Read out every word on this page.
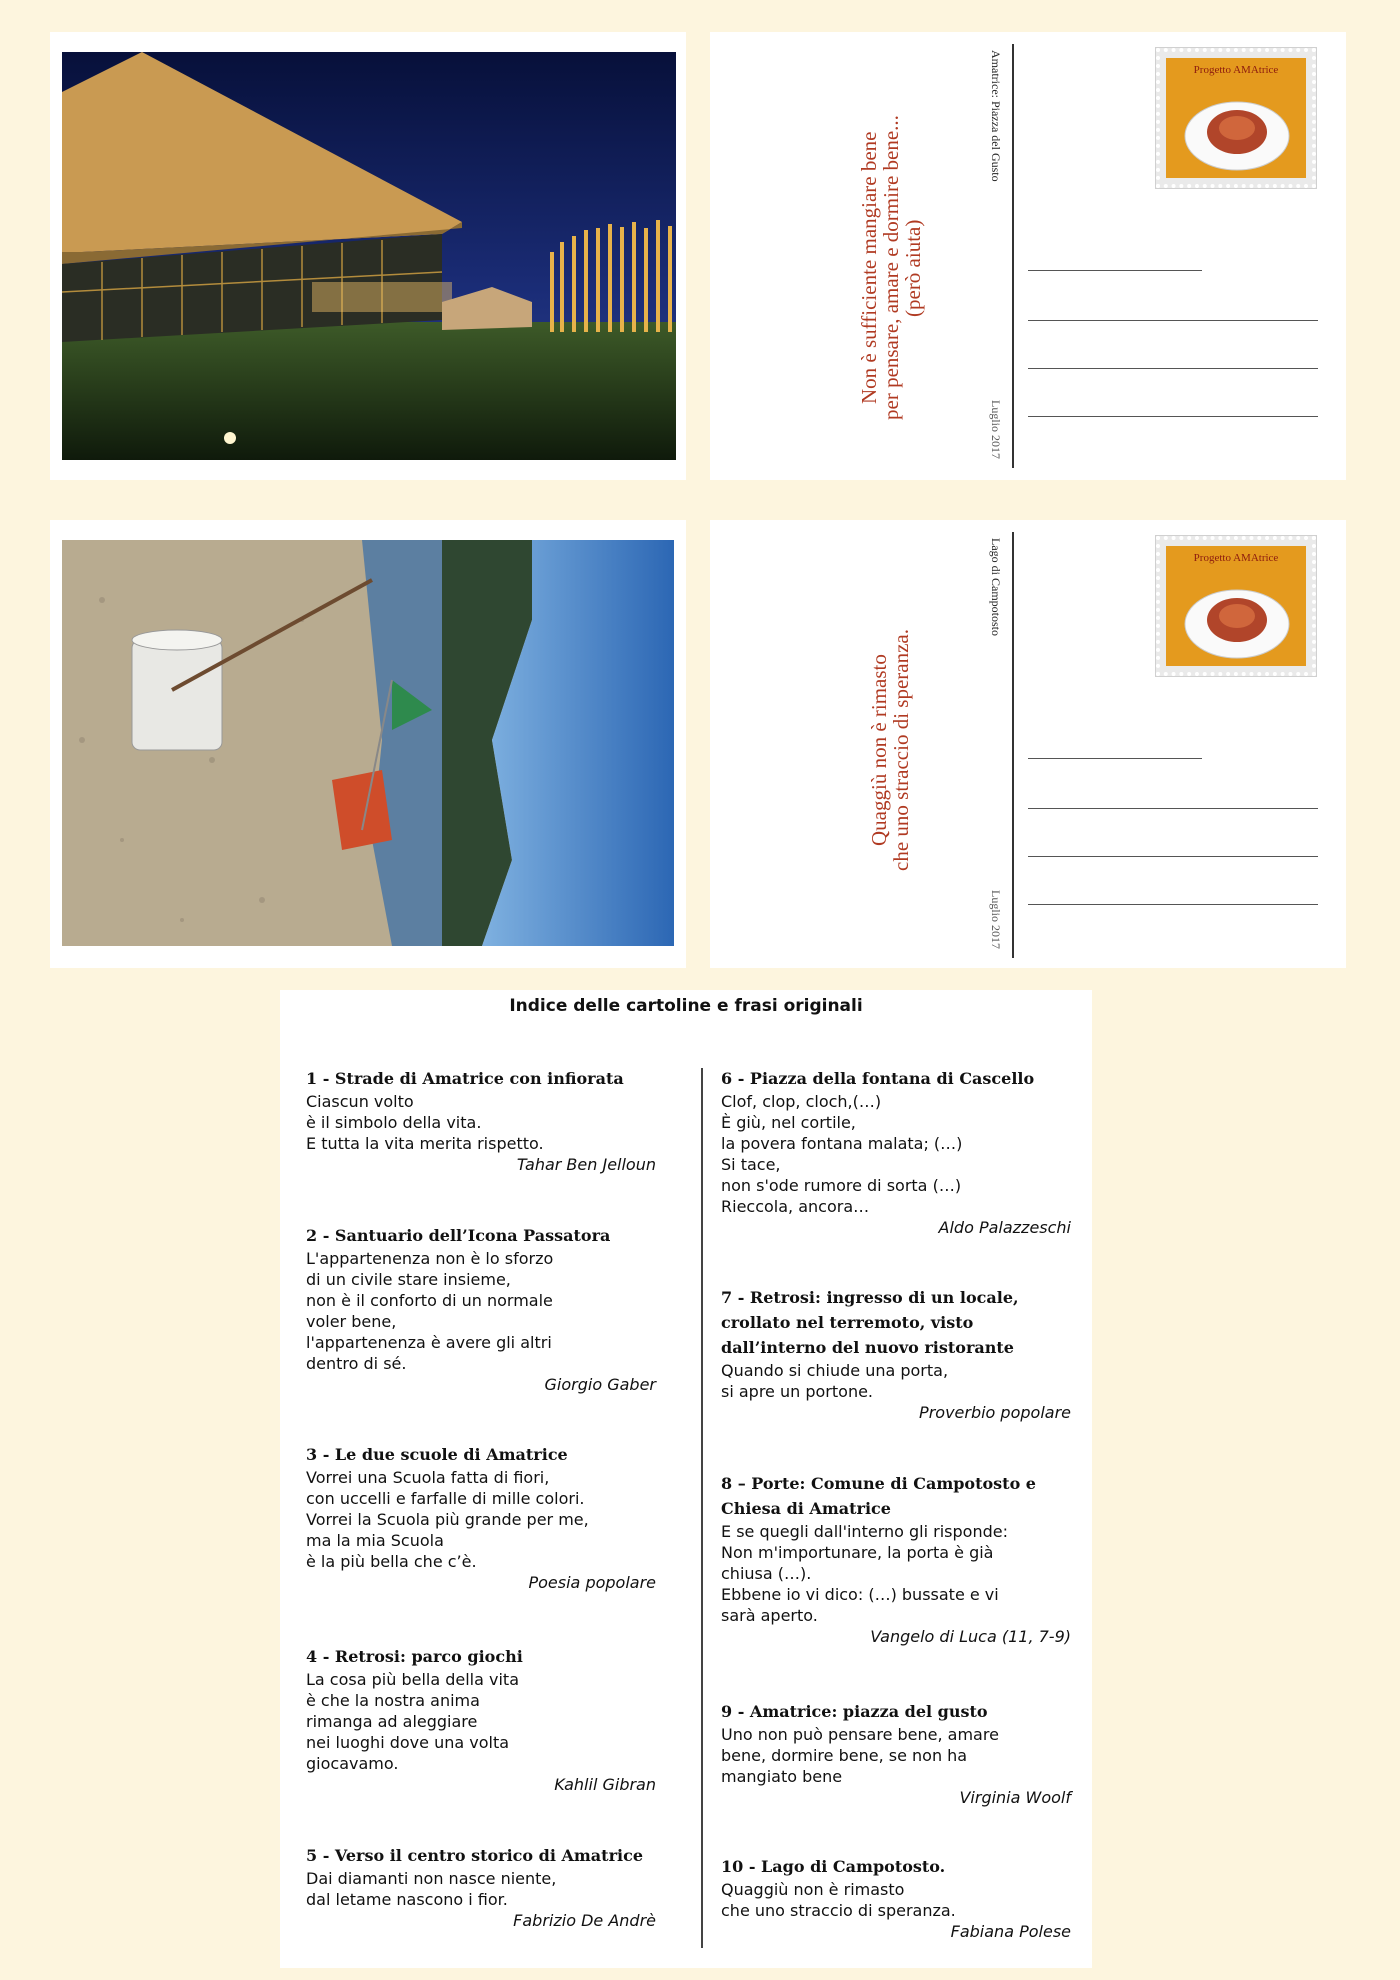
Non è sufficiente mangiare bene
per pensare, amare e dormire bene...
(però aiuta)
Amatrice: Piazza del Gusto
Luglio 2017
Progetto AMAtrice
Quaggiù non è rimasto
che uno straccio di speranza.
Lago di Campotosto
Luglio 2017
Progetto AMAtrice
Indice delle cartoline e frasi originali
1 - Strade di Amatrice con infiorata
Ciascun volto
è il simbolo della vita.
E tutta la vita merita rispetto.
Tahar Ben Jelloun
2 - Santuario dell’Icona Passatora
L'appartenenza non è lo sforzo
di un civile stare insieme,
non è il conforto di un normale
voler bene,
l'appartenenza è avere gli altri
dentro di sé.
Giorgio Gaber
3 - Le due scuole di Amatrice
Vorrei una Scuola fatta di fiori,
con uccelli e farfalle di mille colori.
Vorrei la Scuola più grande per me,
ma la mia Scuola
è la più bella che c’è.
Poesia popolare
4 - Retrosi: parco giochi
La cosa più bella della vita
è che la nostra anima
rimanga ad aleggiare
nei luoghi dove una volta
giocavamo.
Kahlil Gibran
5 - Verso il centro storico di Amatrice
Dai diamanti non nasce niente,
dal letame nascono i fior.
Fabrizio De Andrè
6 - Piazza della fontana di Cascello
Clof, clop, cloch,(…)
È giù, nel cortile,
la povera fontana malata; (…)
Si tace,
non s'ode rumore di sorta (…)
Rieccola, ancora…
Aldo Palazzeschi
7 - Retrosi: ingresso di un locale,
crollato nel terremoto, visto
dall’interno del nuovo ristorante
Quando si chiude una porta,
si apre un portone.
Proverbio popolare
8 – Porte: Comune di Campotosto e
Chiesa di Amatrice
E se quegli dall'interno gli risponde:
Non m'importunare, la porta è già
chiusa (…).
Ebbene io vi dico: (…) bussate e vi
sarà aperto.
Vangelo di Luca (11, 7-9)
9 - Amatrice: piazza del gusto
Uno non può pensare bene, amare
bene, dormire bene, se non ha
mangiato bene
Virginia Woolf
10 - Lago di Campotosto.
Quaggiù non è rimasto
che uno straccio di speranza.
Fabiana Polese
